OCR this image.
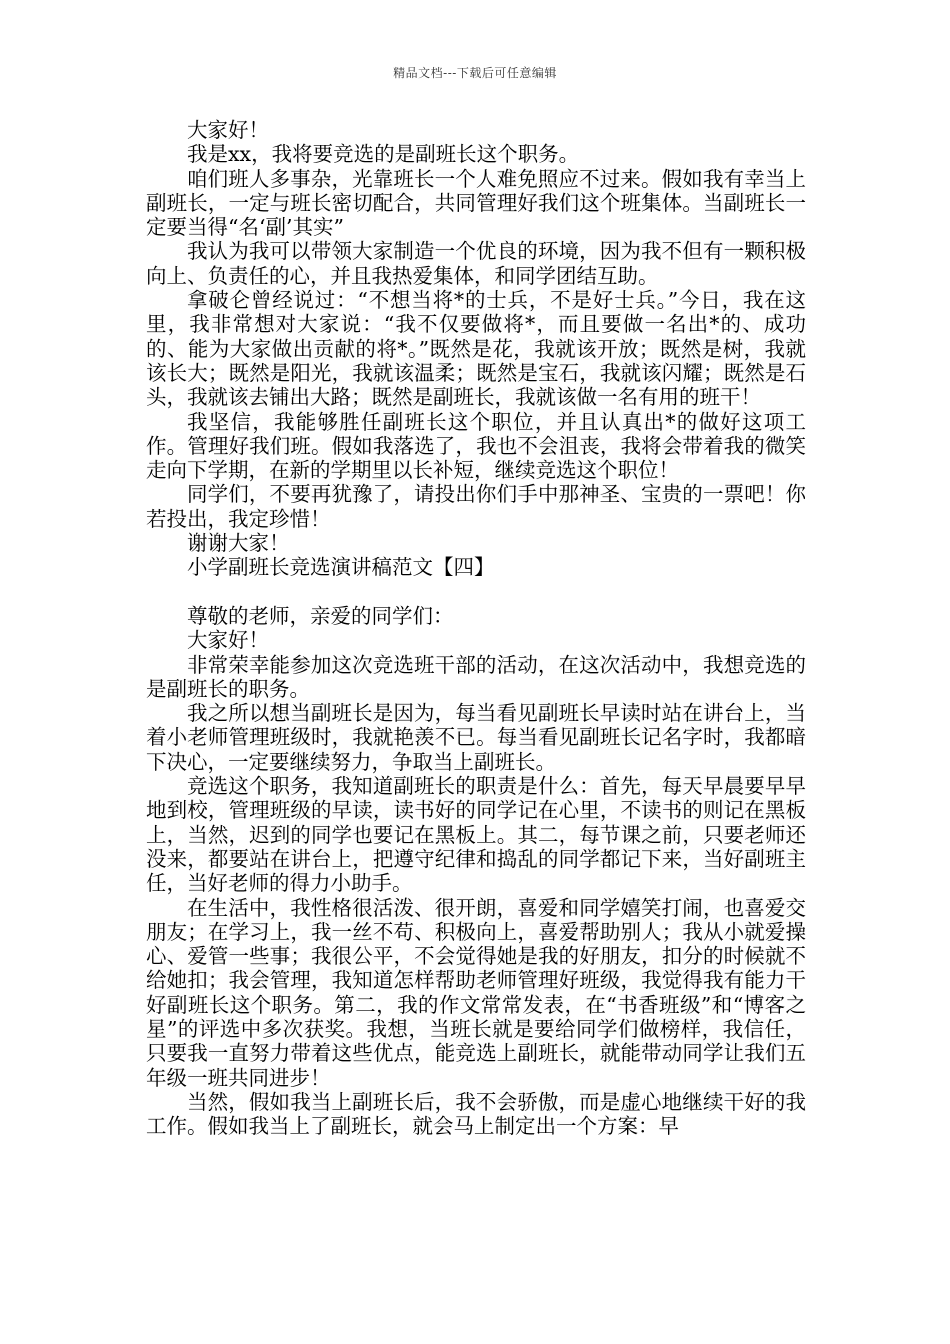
精品文档---下载后可任意编辑

大家好！

我是xx，我将要竞选的是副班长这个职务。

咱们班人多事杂，光靠班长一个人难免照应不过来。假如我有幸当上副班长，一定与班长密切配合，共同管理好我们这个班集体。当副班长一定要当得“名‘副’其实”

我认为我可以带领大家制造一个优良的环境，因为我不但有一颗积极向上、负责任的心，并且我热爱集体，和同学团结互助。

拿破仑曾经说过：“不想当将*的士兵，不是好士兵。”今日，我在这里，我非常想对大家说：“我不仅要做将*，而且要做一名出*的、成功的、能为大家做出贡献的将*。”既然是花，我就该开放；既然是树，我就该长大；既然是阳光，我就该温柔；既然是宝石，我就该闪耀；既然是石头，我就该去铺出大路；既然是副班长，我就该做一名有用的班干！

我坚信，我能够胜任副班长这个职位，并且认真出*的做好这项工作。管理好我们班。假如我落选了，我也不会沮丧，我将会带着我的微笑走向下学期，在新的学期里以长补短，继续竞选这个职位！

同学们，不要再犹豫了，请投出你们手中那神圣、宝贵的一票吧！你若投出，我定珍惜！

谢谢大家！

小学副班长竞选演讲稿范文【四】

尊敬的老师，亲爱的同学们：

大家好！

非常荣幸能参加这次竞选班干部的活动，在这次活动中，我想竞选的是副班长的职务。

我之所以想当副班长是因为，每当看见副班长早读时站在讲台上，当着小老师管理班级时，我就艳羡不已。每当看见副班长记名字时，我都暗下决心，一定要继续努力，争取当上副班长。

竞选这个职务，我知道副班长的职责是什么：首先，每天早晨要早早地到校，管理班级的早读，读书好的同学记在心里，不读书的则记在黑板上，当然，迟到的同学也要记在黑板上。其二，每节课之前，只要老师还没来，都要站在讲台上，把遵守纪律和捣乱的同学都记下来，当好副班主任，当好老师的得力小助手。

在生活中，我性格很活泼、很开朗，喜爱和同学嬉笑打闹，也喜爱交朋友；在学习上，我一丝不苟、积极向上，喜爱帮助别人；我从小就爱操心、爱管一些事；我很公平，不会觉得她是我的好朋友，扣分的时候就不给她扣；我会管理，我知道怎样帮助老师管理好班级，我觉得我有能力干好副班长这个职务。第二，我的作文常常发表，在“书香班级”和“博客之星”的评选中多次获奖。我想，当班长就是要给同学们做榜样，我信任，只要我一直努力带着这些优点，能竞选上副班长，就能带动同学让我们五年级一班共同进步！

当然，假如我当上副班长后，我不会骄傲，而是虚心地继续干好的我工作。假如我当上了副班长，就会马上制定出一个方案：早
